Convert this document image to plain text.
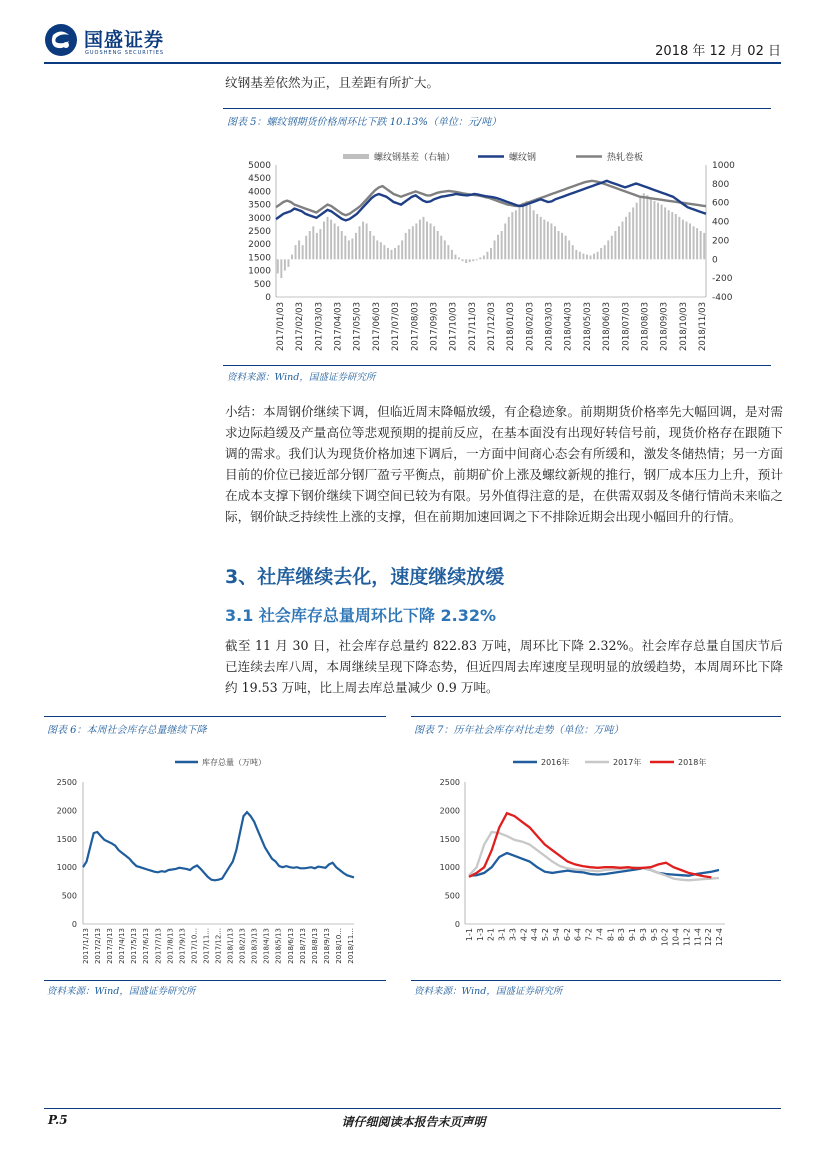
国盛证券
GUOSHENG SECURITIES	2018 年 12 月 02 日
纹钢基差依然为正，且差距有所扩大。
图表 5：螺纹钢期货价格周环比下跌 10.13%（单位：元/吨）
0
500
1000
1500
2000
2500
3000
3500
4000
4500
5000
-400
-200
0
200
400
600
800
1000
2017/01/03 2017/02/03 2017/03/03 2017/04/03 2017/05/03 2017/06/03 2017/07/03 2017/08/03 2017/09/03 2017/10/03 2017/11/03 2017/12/03 2018/01/03 2018/02/03 2018/03/03 2018/04/03 2018/05/03 2018/06/03 2018/07/03 2018/08/03 2018/09/03 2018/10/03 2018/11/03
螺纹钢基差（右轴）	螺纹钢	热轧卷板
资料来源：Wind，国盛证券研究所
小结：本周钢价继续下调，但临近周末降幅放缓，有企稳迹象。前期期货价格率先大幅回调，是对需求边际趋缓及产量高位等悲观预期的提前反应，在基本面没有出现好转信号前，现货价格存在跟随下调的需求。我们认为现货价格加速下调后，一方面中间商心态会有所缓和，激发冬储热情；另一方面目前的价位已接近部分钢厂盈亏平衡点，前期矿价上涨及螺纹新规的推行，钢厂成本压力上升，预计在成本支撑下钢价继续下调空间已较为有限。另外值得注意的是，在供需双弱及冬储行情尚未来临之际，钢价缺乏持续性上涨的支撑，但在前期加速回调之下不排除近期会出现小幅回升的行情。
3、社库继续去化，速度继续放缓
3.1 社会库存总量周环比下降 2.32%
截至 11 月 30 日，社会库存总量约 822.83 万吨，周环比下降 2.32%。社会库存总量自国庆节后已连续去库八周，本周继续呈现下降态势，但近四周去库速度呈现明显的放缓趋势，本周周环比下降约 19.53 万吨，比上周去库总量减少 0.9 万吨。
图表 6：本周社会库存总量继续下降
0
500
1000
1500
2000
2500
2017/1/13 2017/2/13 2017/3/13 2017/4/13 2017/5/13 2017/6/13 2017/7/13 2017/8/13 2017/9/13 2017/10... 2017/11... 2017/12... 2018/1/13 2018/2/13 2018/3/13 2018/4/13 2018/5/13 2018/6/13 2018/7/13 2018/8/13 2018/9/13 2018/10... 2018/11...
库存总量（万吨）
资料来源：Wind，国盛证券研究所
图表 7：历年社会库存对比走势（单位：万吨）
0
500
1000
1500
2000
2500
1-1 1-3 2-1 3-1 3-3 4-2 4-4 5-2 5-4 6-2 6-4 7-2 7-4 8-1 8-3 9-1 9-3 9-5 10-2 10-4 11-2 11-4 12-2 12-4
2016年	2017年	2018年
资料来源：Wind，国盛证券研究所
P.5	请仔细阅读本报告末页声明
